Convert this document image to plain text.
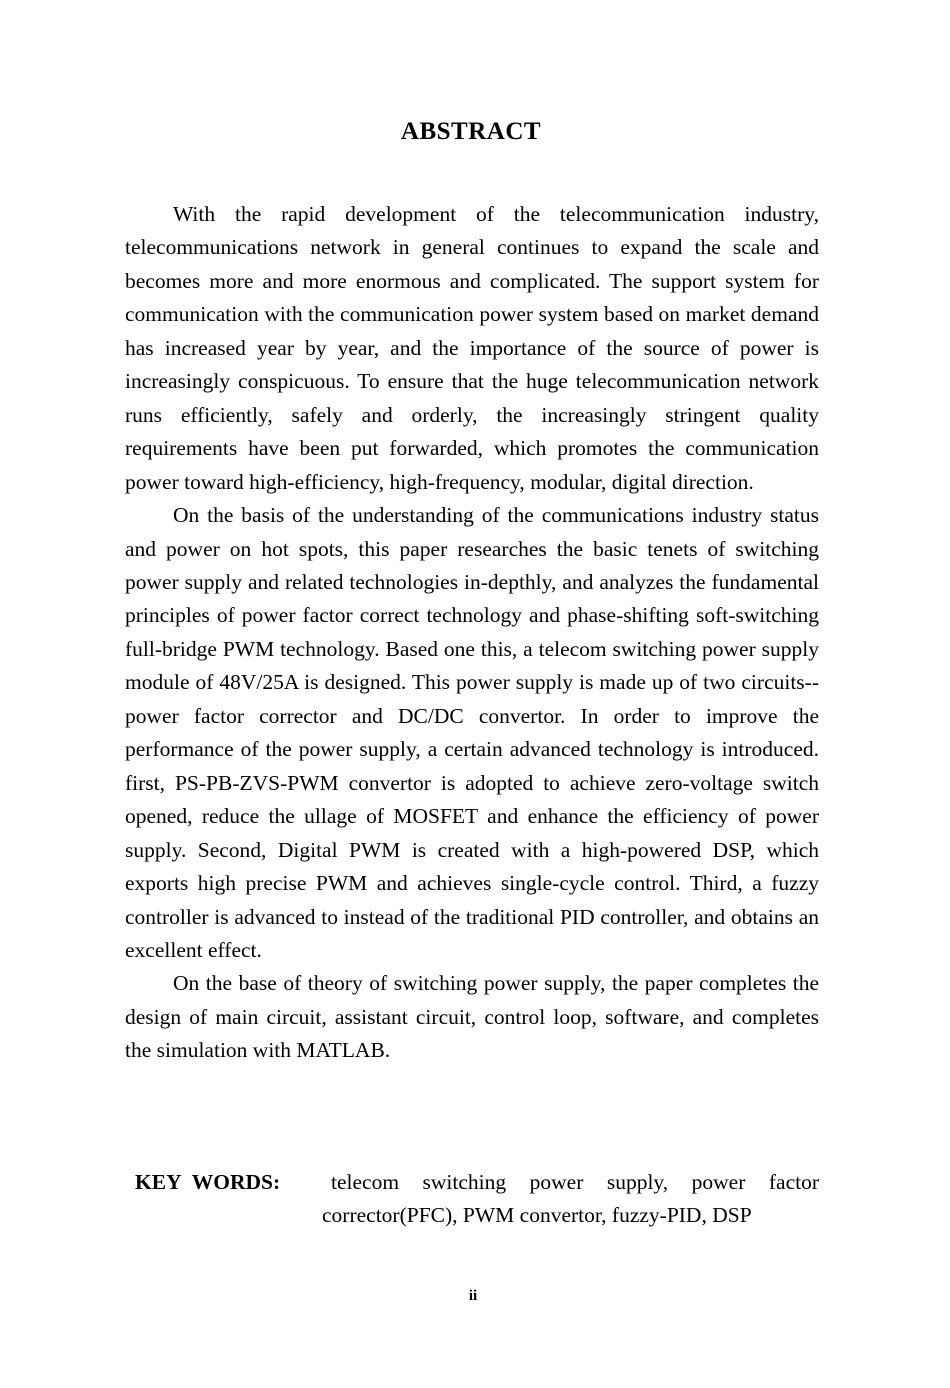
ABSTRACT

With the rapid development of the telecommunication industry, telecommunications network in general continues to expand the scale and becomes more and more enormous and complicated. The support system for communication with the communication power system based on market demand has increased year by year, and the importance of the source of power is increasingly conspicuous. To ensure that the huge telecommunication network runs efficiently, safely and orderly, the increasingly stringent quality requirements have been put forwarded, which promotes the communication power toward high-efficiency, high-frequency, modular, digital direction.

On the basis of the understanding of the communications industry status and power on hot spots, this paper researches the basic tenets of switching power supply and related technologies in-depthly, and analyzes the fundamental principles of power factor correct technology and phase-shifting soft-switching full-bridge PWM technology. Based one this, a telecom switching power supply module of 48V/25A is designed. This power supply is made up of two circuits--power factor corrector and DC/DC convertor. In order to improve the performance of the power supply, a certain advanced technology is introduced. first, PS-PB-ZVS-PWM convertor is adopted to achieve zero-voltage switch opened, reduce the ullage of MOSFET and enhance the efficiency of power supply. Second, Digital PWM is created with a high-powered DSP, which exports high precise PWM and achieves single-cycle control. Third, a fuzzy controller is advanced to instead of the traditional PID controller, and obtains an excellent effect.

On the base of theory of switching power supply, the paper completes the design of main circuit, assistant circuit, control loop, software, and completes the simulation with MATLAB.

KEY WORDS:	telecom switching power supply, power factor corrector(PFC), PWM convertor, fuzzy-PID, DSP
ii
